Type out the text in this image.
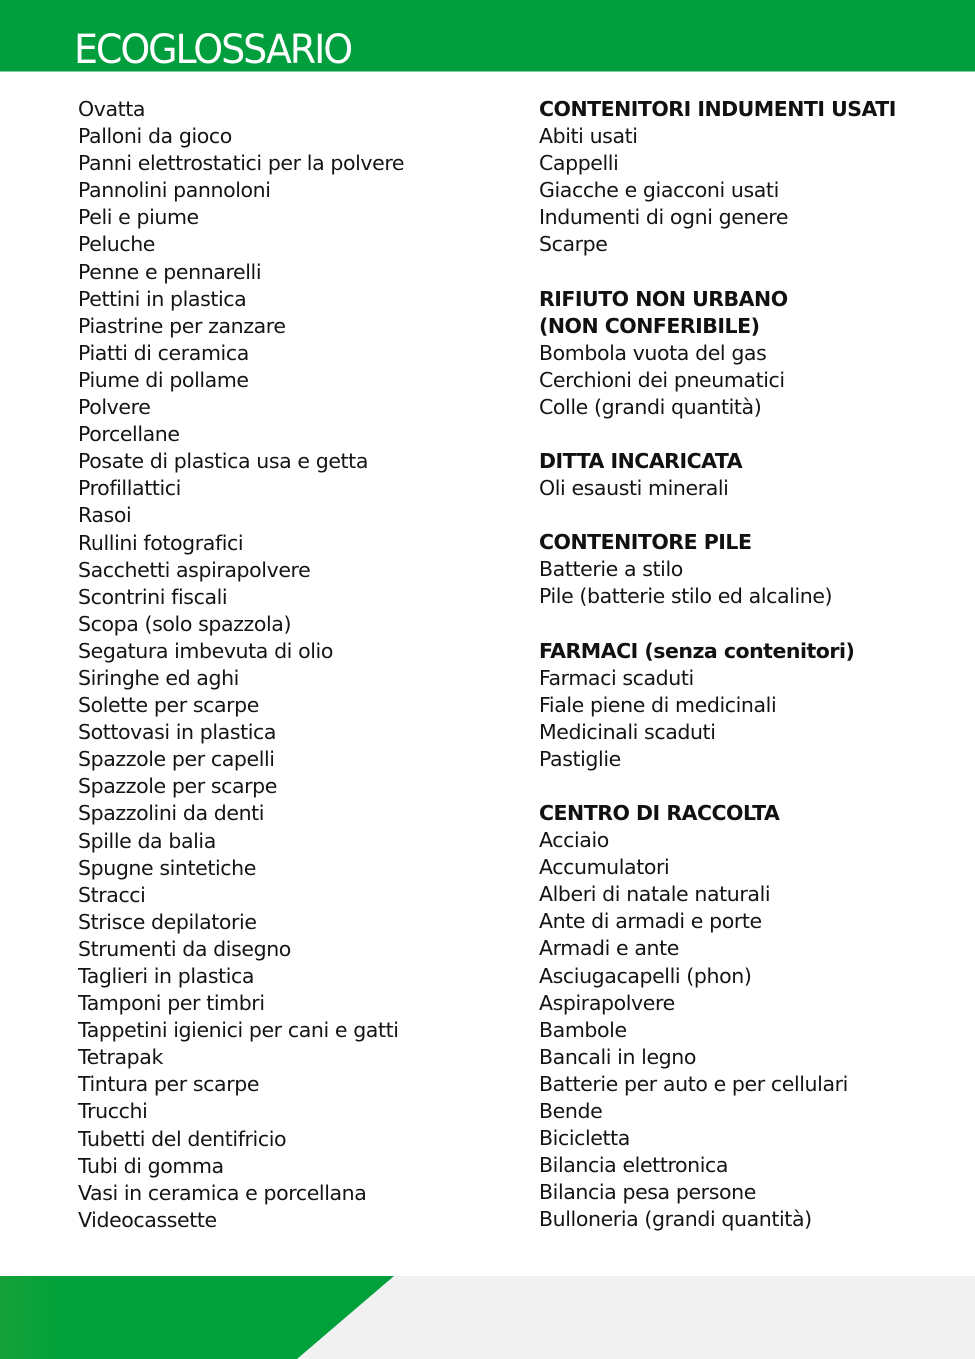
ECOGLOSSARIO
Ovatta
Palloni da gioco
Panni elettrostatici per la polvere
Pannolini pannoloni
Peli e piume
Peluche
Penne e pennarelli
Pettini in plastica
Piastrine per zanzare
Piatti di ceramica
Piume di pollame
Polvere
Porcellane
Posate di plastica usa e getta
Profillattici
Rasoi
Rullini fotografici
Sacchetti aspirapolvere
Scontrini fiscali
Scopa (solo spazzola)
Segatura imbevuta di olio
Siringhe ed aghi
Solette per scarpe
Sottovasi in plastica
Spazzole per capelli
Spazzole per scarpe
Spazzolini da denti
Spille da balia
Spugne sintetiche
Stracci
Strisce depilatorie
Strumenti da disegno
Taglieri in plastica
Tamponi per timbri
Tappetini igienici per cani e gatti
Tetrapak
Tintura per scarpe
Trucchi
Tubetti del dentifricio
Tubi di gomma
Vasi in ceramica e porcellana
Videocassette
CONTENITORI INDUMENTI USATI
Abiti usati
Cappelli
Giacche e giacconi usati
Indumenti di ogni genere
Scarpe
RIFIUTO NON URBANO
(NON CONFERIBILE)
Bombola vuota del gas
Cerchioni dei pneumatici
Colle (grandi quantità)
DITTA INCARICATA
Oli esausti minerali
CONTENITORE PILE
Batterie a stilo
Pile (batterie stilo ed alcaline)
FARMACI (senza contenitori)
Farmaci scaduti
Fiale piene di medicinali
Medicinali scaduti
Pastiglie
CENTRO DI RACCOLTA
Acciaio
Accumulatori
Alberi di natale naturali
Ante di armadi e porte
Armadi e ante
Asciugacapelli (phon)
Aspirapolvere
Bambole
Bancali in legno
Batterie per auto e per cellulari
Bende
Bicicletta
Bilancia elettronica
Bilancia pesa persone
Bulloneria (grandi quantità)
